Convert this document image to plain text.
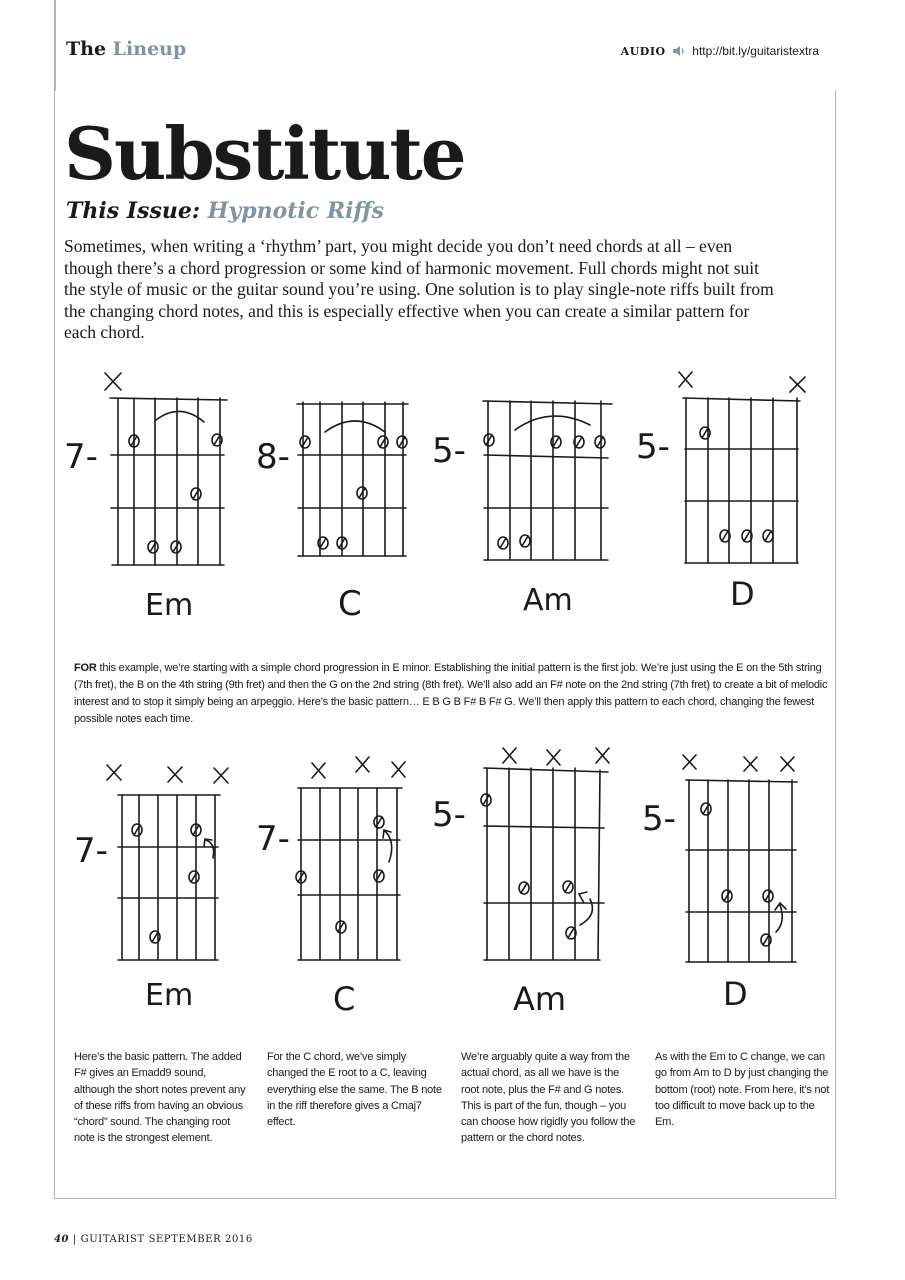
The Lineup	AUDIO http://bit.ly/guitaristextra
Substitute
This Issue: Hypnotic Riffs
Sometimes, when writing a ‘rhythm’ part, you might decide you don’t need chords at all – even though there’s a chord progression or some kind of harmonic movement. Full chords might not suit the style of music or the guitar sound you’re using. One solution is to play single-note riffs built from the changing chord notes, and this is especially effective when you can create a similar pattern for each chord.
7-
Em
8-
C
5-
Am
5-
D
7-
Em
7-
C
5-
Am
5-
D
FOR this example, we’re starting with a simple chord progression in E minor. Establishing the initial pattern is the first job. We’re just using the E on the 5th string (7th fret), the B on the 4th string (9th fret) and then the G on the 2nd string (8th fret). We’ll also add an F# note on the 2nd string (7th fret) to create a bit of melodic interest and to stop it simply being an arpeggio. Here’s the basic pattern… E B G B F# B F# G. We’ll then apply this pattern to each chord, changing the fewest possible notes each time.
Here’s the basic pattern. The added F# gives an Emadd9 sound, although the short notes prevent any of these riffs from having an obvious “chord” sound. The changing root note is the strongest element.
For the C chord, we’ve simply changed the E root to a C, leaving everything else the same. The B note in the riff therefore gives a Cmaj7 effect.
We’re arguably quite a way from the actual chord, as all we have is the root note, plus the F# and G notes. This is part of the fun, though – you can choose how rigidly you follow the pattern or the chord notes.
As with the Em to C change, we can go from Am to D by just changing the bottom (root) note. From here, it’s not too difficult to move back up to the Em.
40 | GUITARIST SEPTEMBER 2016
